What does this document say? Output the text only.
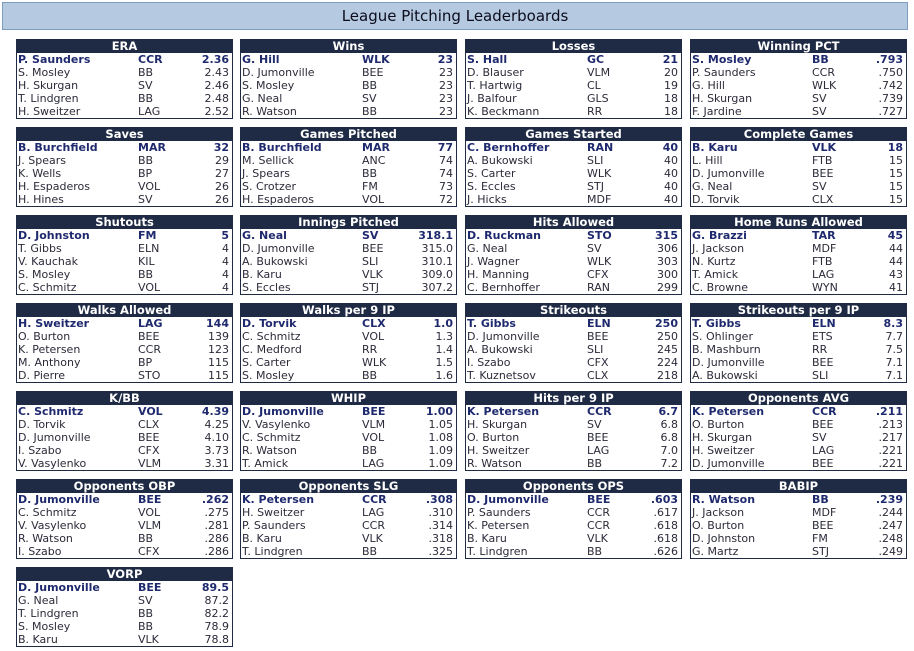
League Pitching Leaderboards
ERA
P. Saunders	CCR	2.36
S. Mosley	BB	2.43
H. Skurgan	SV	2.46
T. Lindgren	BB	2.48
H. Sweitzer	LAG	2.52
Wins
G. Hill	WLK	23
D. Jumonville	BEE	23
S. Mosley	BB	23
G. Neal	SV	23
R. Watson	BB	23
Losses
S. Hall	GC	21
D. Blauser	VLM	20
T. Hartwig	CL	19
J. Balfour	GLS	18
K. Beckmann	RR	18
Winning PCT
S. Mosley	BB	.793
P. Saunders	CCR	.750
G. Hill	WLK	.742
H. Skurgan	SV	.739
F. Jardine	SV	.727
Saves
B. Burchfield	MAR	32
J. Spears	BB	29
K. Wells	BP	27
H. Espaderos	VOL	26
H. Hines	SV	26
Games Pitched
B. Burchfield	MAR	77
M. Sellick	ANC	74
J. Spears	BB	74
S. Crotzer	FM	73
H. Espaderos	VOL	72
Games Started
C. Bernhoffer	RAN	40
A. Bukowski	SLI	40
S. Carter	WLK	40
S. Eccles	STJ	40
J. Hicks	MDF	40
Complete Games
B. Karu	VLK	18
L. Hill	FTB	15
D. Jumonville	BEE	15
G. Neal	SV	15
D. Torvik	CLX	15
Shutouts
D. Johnston	FM	5
T. Gibbs	ELN	4
V. Kauchak	KIL	4
S. Mosley	BB	4
C. Schmitz	VOL	4
Innings Pitched
G. Neal	SV	318.1
D. Jumonville	BEE	315.0
A. Bukowski	SLI	310.1
B. Karu	VLK	309.0
S. Eccles	STJ	307.2
Hits Allowed
D. Ruckman	STO	315
G. Neal	SV	306
J. Wagner	WLK	303
H. Manning	CFX	300
C. Bernhoffer	RAN	299
Home Runs Allowed
G. Brazzi	TAR	45
J. Jackson	MDF	44
N. Kurtz	FTB	44
T. Amick	LAG	43
C. Browne	WYN	41
Walks Allowed
H. Sweitzer	LAG	144
O. Burton	BEE	139
K. Petersen	CCR	123
M. Anthony	BP	115
D. Pierre	STO	115
Walks per 9 IP
D. Torvik	CLX	1.0
C. Schmitz	VOL	1.3
C. Medford	RR	1.4
S. Carter	WLK	1.5
S. Mosley	BB	1.6
Strikeouts
T. Gibbs	ELN	250
D. Jumonville	BEE	250
A. Bukowski	SLI	245
I. Szabo	CFX	224
T. Kuznetsov	CLX	218
Strikeouts per 9 IP
T. Gibbs	ELN	8.3
S. Ohlinger	ETS	7.7
B. Mashburn	RR	7.5
D. Jumonville	BEE	7.1
A. Bukowski	SLI	7.1
K/BB
C. Schmitz	VOL	4.39
D. Torvik	CLX	4.25
D. Jumonville	BEE	4.10
I. Szabo	CFX	3.73
V. Vasylenko	VLM	3.31
WHIP
D. Jumonville	BEE	1.00
V. Vasylenko	VLM	1.05
C. Schmitz	VOL	1.08
R. Watson	BB	1.09
T. Amick	LAG	1.09
Hits per 9 IP
K. Petersen	CCR	6.7
H. Skurgan	SV	6.8
O. Burton	BEE	6.8
H. Sweitzer	LAG	7.0
R. Watson	BB	7.2
Opponents AVG
K. Petersen	CCR	.211
O. Burton	BEE	.213
H. Skurgan	SV	.217
H. Sweitzer	LAG	.221
D. Jumonville	BEE	.221
Opponents OBP
D. Jumonville	BEE	.262
C. Schmitz	VOL	.275
V. Vasylenko	VLM	.281
R. Watson	BB	.286
I. Szabo	CFX	.286
Opponents SLG
K. Petersen	CCR	.308
H. Sweitzer	LAG	.310
P. Saunders	CCR	.314
B. Karu	VLK	.318
T. Lindgren	BB	.325
Opponents OPS
D. Jumonville	BEE	.603
P. Saunders	CCR	.617
K. Petersen	CCR	.618
B. Karu	VLK	.618
T. Lindgren	BB	.626
BABIP
R. Watson	BB	.239
J. Jackson	MDF	.244
O. Burton	BEE	.247
D. Johnston	FM	.248
G. Martz	STJ	.249
VORP
D. Jumonville	BEE	89.5
G. Neal	SV	87.2
T. Lindgren	BB	82.2
S. Mosley	BB	78.9
B. Karu	VLK	78.8
